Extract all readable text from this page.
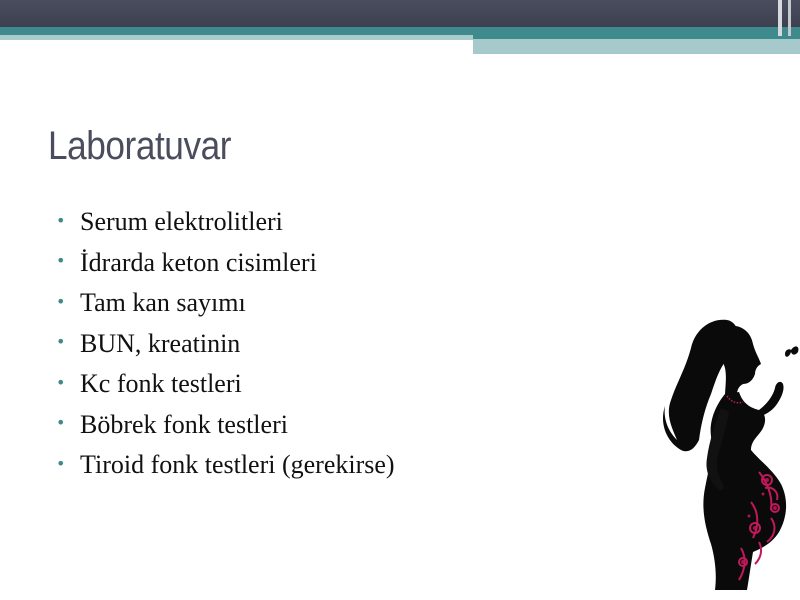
Laboratuvar
• Serum elektrolitleri
• İdrarda keton cisimleri
• Tam kan sayımı
• BUN, kreatinin
• Kc fonk testleri
• Böbrek fonk testleri
• Tiroid fonk testleri (gerekirse)
